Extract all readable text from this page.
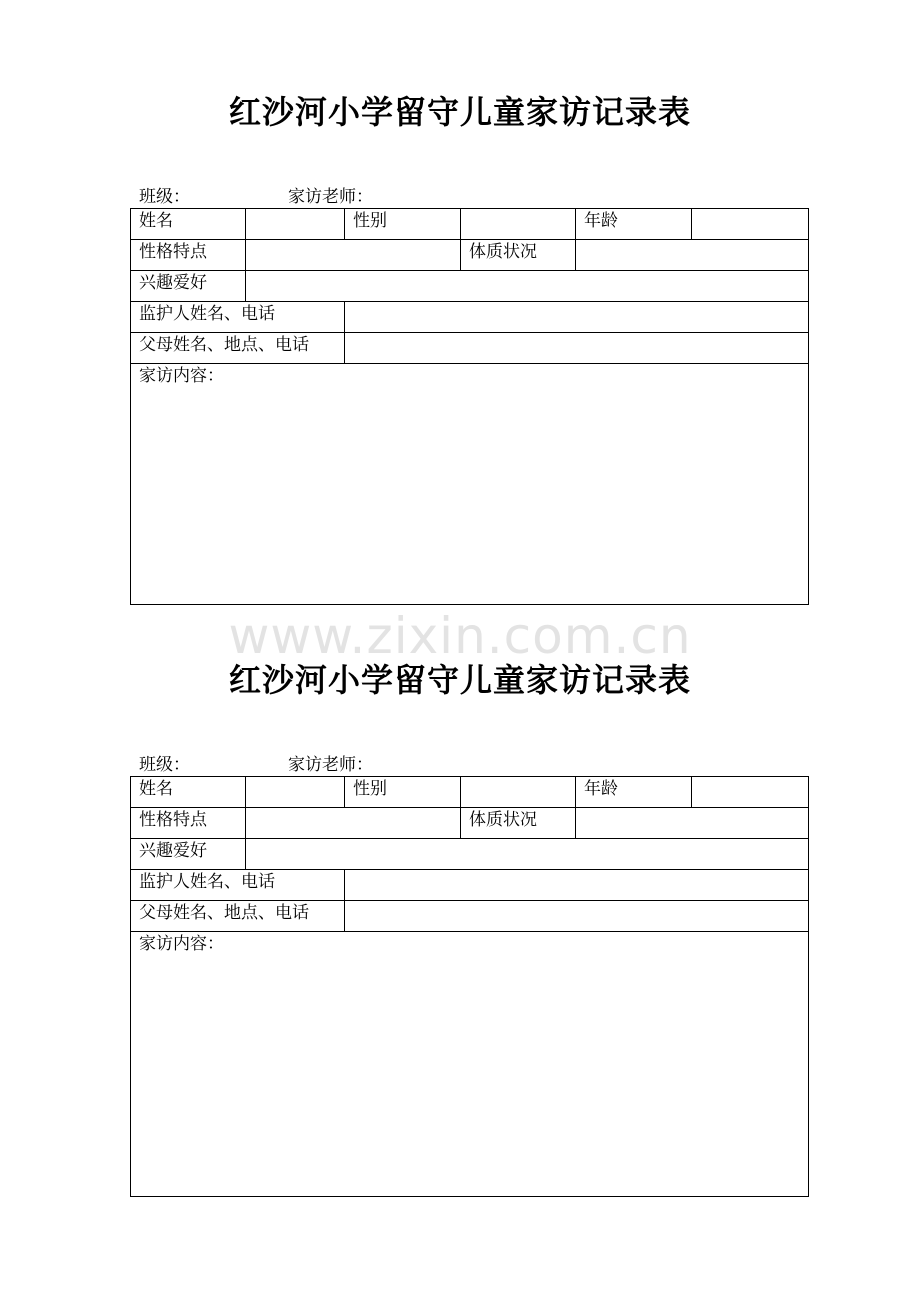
红沙河小学留守儿童家访记录表
班级：	家访老师：
姓名		性别		年龄	
性格特点			体质状况		
兴趣爱好					
监护人姓名、电话					
父母姓名、地点、电话					
家访内容：					
www.zixin.com.cn
红沙河小学留守儿童家访记录表
班级：	家访老师：
姓名		性别		年龄	
性格特点			体质状况		
兴趣爱好					
监护人姓名、电话					
父母姓名、地点、电话					
家访内容：					
